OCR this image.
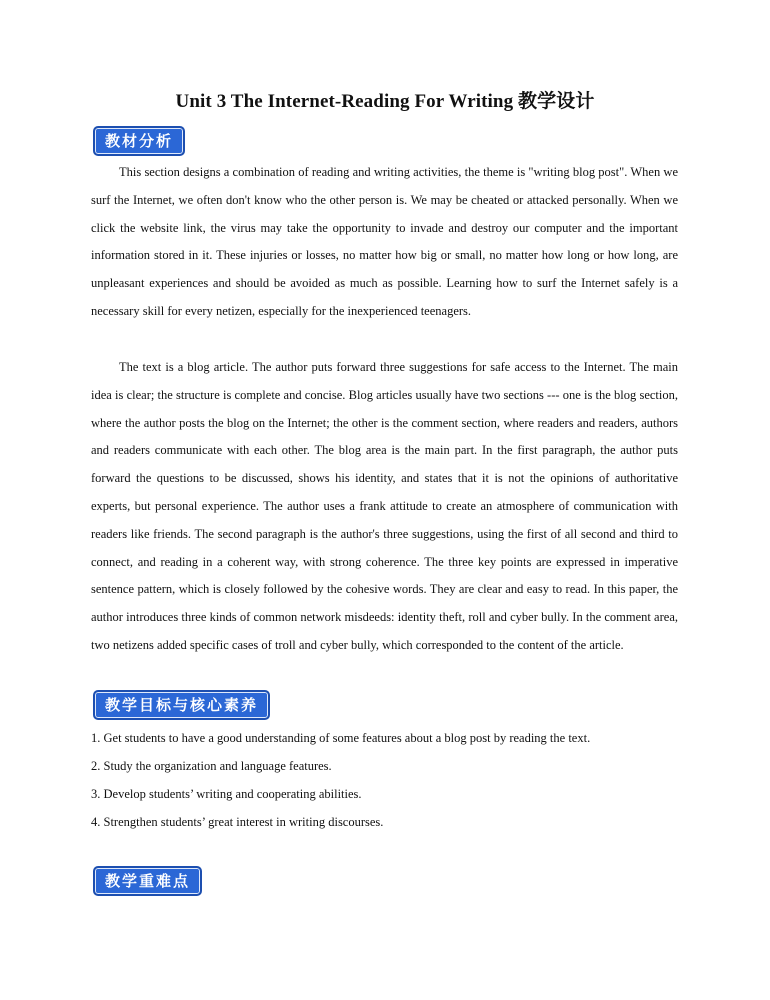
Unit 3 The Internet-Reading For Writing 教学设计
教材分析

This section designs a combination of reading and writing activities, the theme is "writing blog post". When we surf the Internet, we often don't know who the other person is. We may be cheated or attacked personally. When we click the website link, the virus may take the opportunity to invade and destroy our computer and the important information stored in it. These injuries or losses, no matter how big or small, no matter how long or how long, are unpleasant experiences and should be avoided as much as possible. Learning how to surf the Internet safely is a necessary skill for every netizen, especially for the inexperienced teenagers.

The text is a blog article. The author puts forward three suggestions for safe access to the Internet. The main idea is clear; the structure is complete and concise. Blog articles usually have two sections --- one is the blog section, where the author posts the blog on the Internet; the other is the comment section, where readers and readers, authors and readers communicate with each other. The blog area is the main part. In the first paragraph, the author puts forward the questions to be discussed, shows his identity, and states that it is not the opinions of authoritative experts, but personal experience. The author uses a frank attitude to create an atmosphere of communication with readers like friends. The second paragraph is the author's three suggestions, using the first of all second and third to connect, and reading in a coherent way, with strong coherence. The three key points are expressed in imperative sentence pattern, which is closely followed by the cohesive words. They are clear and easy to read. In this paper, the author introduces three kinds of common network misdeeds: identity theft, roll and cyber bully. In the comment area, two netizens added specific cases of troll and cyber bully, which corresponded to the content of the article.

教学目标与核心素养
1. Get students to have a good understanding of some features about a blog post by reading the text.
2. Study the organization and language features.
3. Develop students’ writing and cooperating abilities.
4. Strengthen students’ great interest in writing discourses.
教学重难点
